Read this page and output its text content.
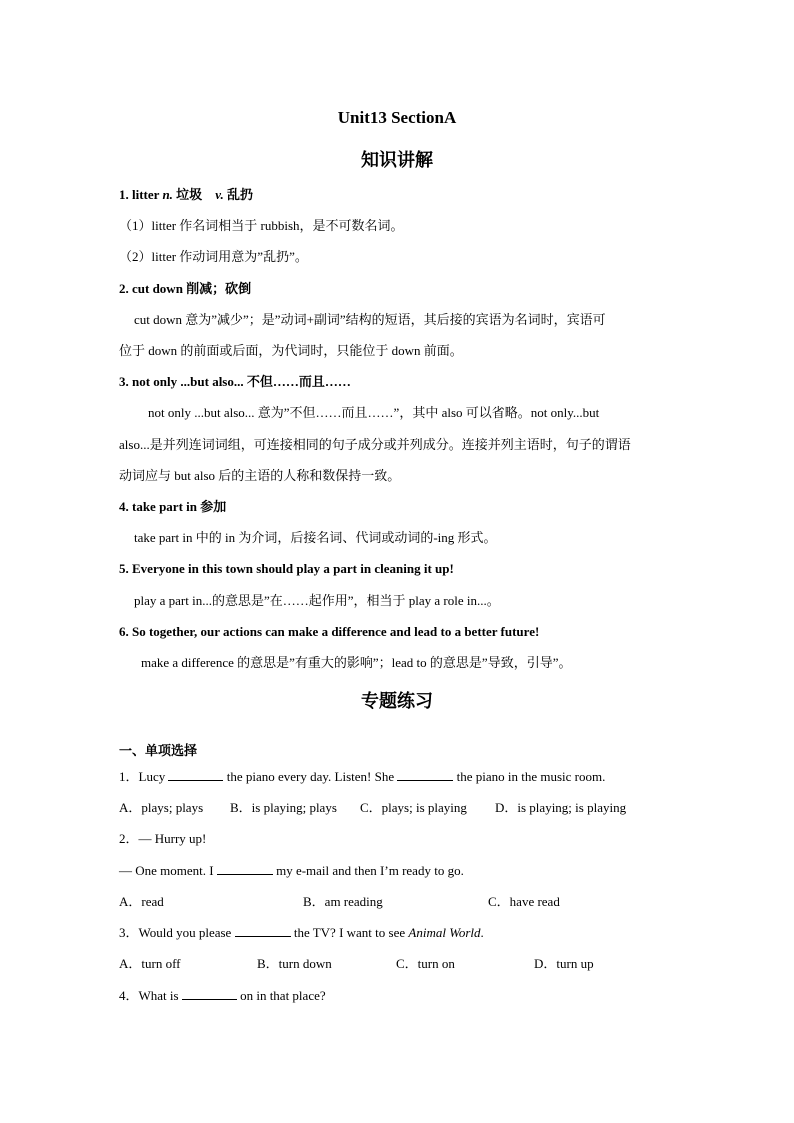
Unit13 SectionA
知识讲解
1. litter n. 垃圾 v. 乱扔
（1）litter 作名词相当于 rubbish，是不可数名词。
（2）litter 作动词用意为”乱扔”。
2. cut down 削减；砍倒
cut down 意为”减少”；是”动词+副词”结构的短语，其后接的宾语为名词时，宾语可
位于 down 的前面或后面，为代词时，只能位于 down 前面。
3. not only ...but also... 不但……而且……
not only ...but also... 意为”不但……而且……”，其中 also 可以省略。not only...but
also...是并列连词词组，可连接相同的句子成分或并列成分。连接并列主语时，句子的谓语
动词应与 but also 后的主语的人称和数保持一致。
4. take part in 参加
take part in 中的 in 为介词，后接名词、代词或动词的-ing 形式。
5. Everyone in this town should play a part in cleaning it up!
play a part in...的意思是”在……起作用”，相当于 play a role in...。
6. So together, our actions can make a difference and lead to a better future!
make a difference 的意思是”有重大的影响”；lead to 的意思是”导致，引导”。
专题练习
一、单项选择
1．Lucy	the piano every day. Listen! She	the piano in the music room.
A．plays; plays B．is playing; plays C．plays; is playing D．is playing; is playing
2．— Hurry up!
— One moment. I	my e-mail and then I’m ready to go.
A．read	B．am reading	C．have read
3．Would you please	the TV? I want to see Animal World.
A．turn off	B．turn down	C．turn on	D．turn up
4．What is	on in that place?
